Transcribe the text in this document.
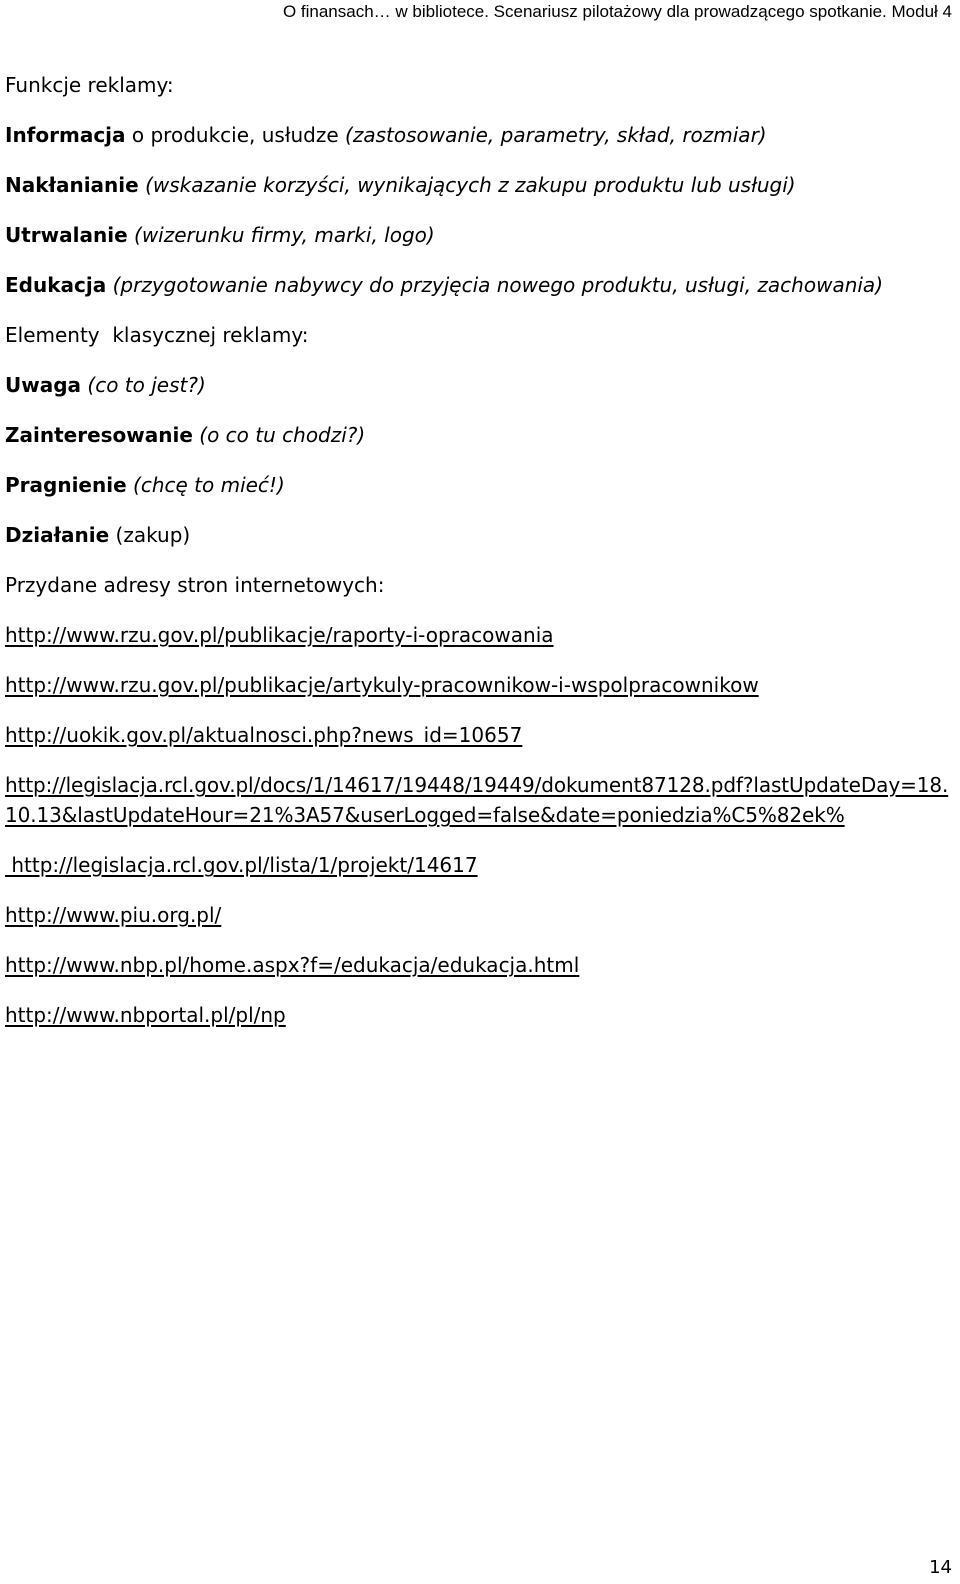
O finansach… w bibliotece. Scenariusz pilotażowy dla prowadzącego spotkanie. Moduł 4
Funkcje reklamy:
Informacja o produkcie, usłudze (zastosowanie, parametry, skład, rozmiar)
Nakłanianie (wskazanie korzyści, wynikających z zakupu produktu lub usługi)
Utrwalanie (wizerunku firmy, marki, logo)
Edukacja (przygotowanie nabywcy do przyjęcia nowego produktu, usługi, zachowania)
Elementy  klasycznej reklamy:
Uwaga (co to jest?)
Zainteresowanie (o co tu chodzi?)
Pragnienie (chcę to mieć!)
Działanie (zakup)
Przydane adresy stron internetowych:
http://www.rzu.gov.pl/publikacje/raporty-i-opracowania
http://www.rzu.gov.pl/publikacje/artykuly-pracownikow-i-wspolpracownikow
http://uokik.gov.pl/aktualnosci.php?news_id=10657
http://legislacja.rcl.gov.pl/docs/1/14617/19448/19449/dokument87128.pdf?lastUpdateDay=18.10.13&lastUpdateHour=21%3A57&userLogged=false&date=poniedzia%C5%82ek%
http://legislacja.rcl.gov.pl/lista/1/projekt/14617
http://www.piu.org.pl/
http://www.nbp.pl/home.aspx?f=/edukacja/edukacja.html
http://www.nbportal.pl/pl/np
14
